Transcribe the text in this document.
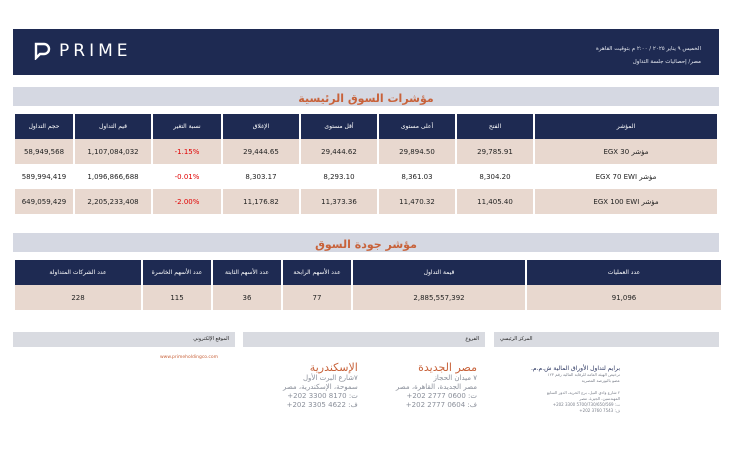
PRIME	الخميس ٩ يناير ٢٠٢٥ / ٢:٠٠ م بتوقيت القاهرة
مصر/ إحصائيات جلسة التداول
مؤشرات السوق الرئيسية
حجم التداول	قيم التداول	نسبة التغير	الإغلاق	أقل مستوى	أعلى مستوى	الفتح	المؤشر
58,949,568	1,107,084,032	-1.15%	29,444.65	29,444.62	29,894.50	29,785.91	مؤشر EGX 30
589,994,419	1,096,866,688	-0.01%	8,303.17	8,293.10	8,361.03	8,304.20	مؤشر EGX 70 EWI
649,059,429	2,205,233,408	-2.00%	11,176.82	11,373.36	11,470.32	11,405.40	مؤشر EGX 100 EWI
مؤشر جودة السوق
عدد الشركات المتداولة	عدد الأسهم الخاسرة	عدد الأسهم الثابتة	عدد الأسهم الرابحة	قيمة التداول	عدد العمليات
228	115	36	77	2,885,557,392	91,096
الموقع الإلكتروني
www.primeholdingco.com
الفروع
الإسكندرية
٧شارع البرت الأول
سموحة، الإسكندرية، مصر
ت: 8170 3300 202+
ف: 4622 3305 202+
مصر الجديدة
٧ ميدان الحجاز
مصر الجديدة، القاهرة، مصر
ت: 0600 2777 202+
ف: 0604 2777 202+
المركز الرئيسي
برايم لتداول الأوراق المالية ش.م.م.
ترخيص الهيئة العامة للرقابة المالية رقم ١٢٣
عضو بالبورصة المصرية
٢ شارع وادي النيل، برج الحرية، الدور السابع
المهندسين، الجيزة، مصر
ت: 5700/730/650/569 3300 202+
ف: 7543 3760 202+
